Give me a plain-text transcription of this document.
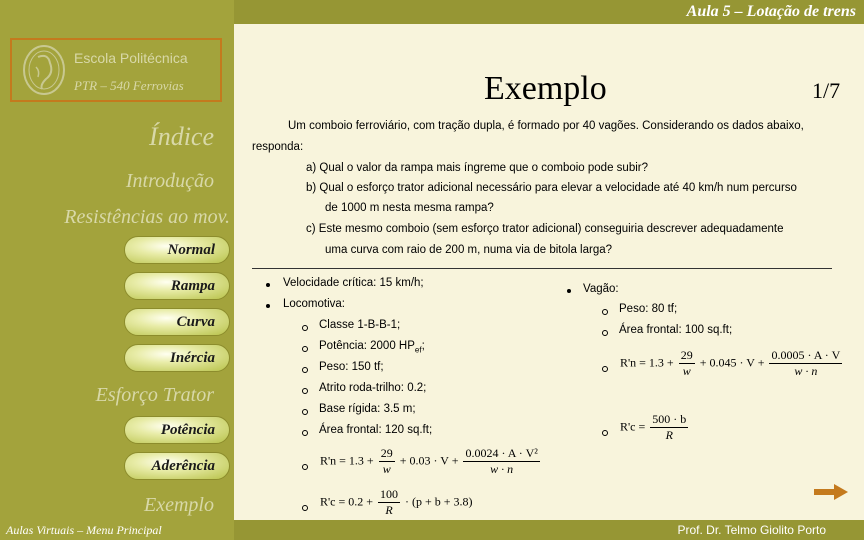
Aula 5 – Lotação de trens
Escola Politécnica
PTR – 540 Ferrovias
Índice
Introdução
Resistências ao mov.
Normal
Rampa
Curva
Inércia
Esforço Trator
Potência
Aderência
Exemplo
Exemplo	1/7
Um comboio ferroviário, com tração dupla, é formado por 40 vagões. Considerando os dados abaixo,
responda:
a) Qual o valor da rampa mais íngreme que o comboio pode subir?
b) Qual o esforço trator adicional necessário para elevar a velocidade até 40 km/h num percurso
de 1000 m nesta mesma rampa?
c) Este mesmo comboio (sem esforço trator adicional) conseguiria descrever adequadamente
uma curva com raio de 200 m, numa via de bitola larga?
Velocidade crítica: 15 km/h;
Locomotiva:
Classe 1-B-B-1;
Potência: 2000 $HP_{ef}$;
Peso: 150 tf;
Atrito roda-trilho: 0.2;
Base rígida: 3.5 m;
Área frontal: 120 sq.ft;
$R'n = 1.3 + \frac{29}{w} + 0.03 \cdot V + \frac{\text{0.0024 · A · V²}}{w \cdot n}$
$R'c = 0.2 + \frac{100}{R} \cdot (p + b + 3.8)$
Vagão:
Peso: 80 tf;
Área frontal: 100 sq.ft;
$R'n = 1.3 + \frac{29}{w} + 0.045 \cdot V + \frac{0.0005 \cdot A \cdot V}{w \cdot n}$
$R'c = \frac{500 \cdot b}{R}$
Aulas Virtuais – Menu Principal	Prof. Dr. Telmo Giolito Porto
